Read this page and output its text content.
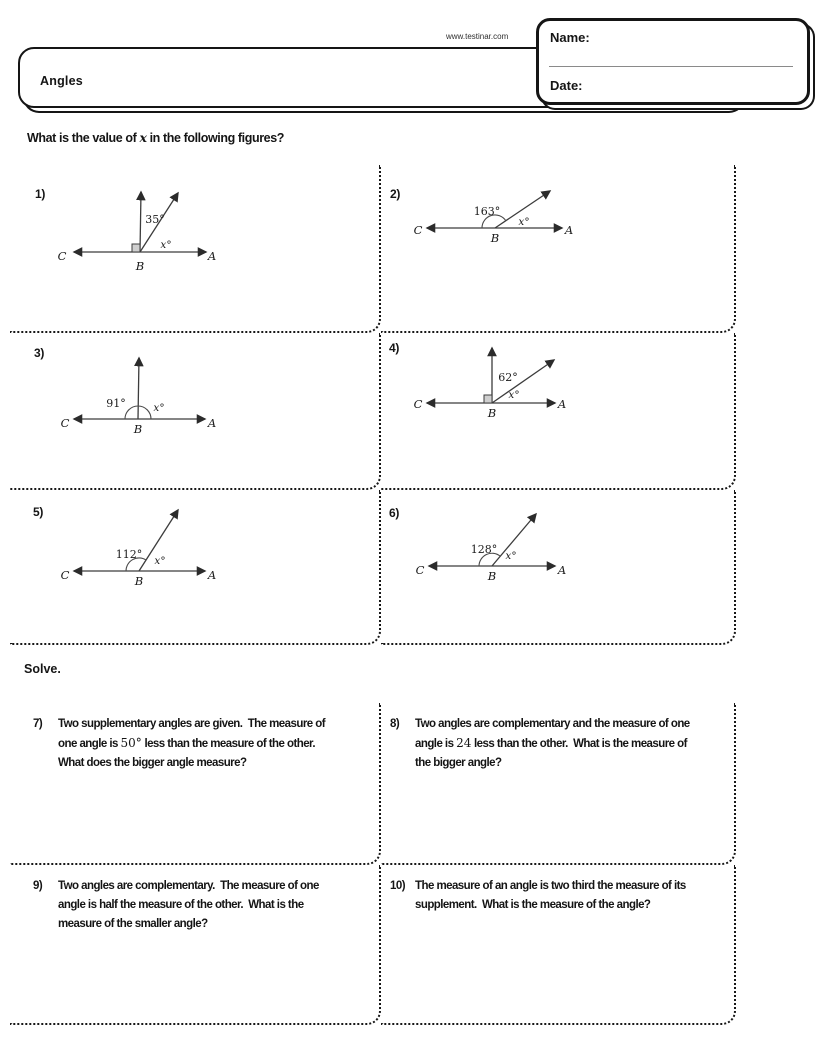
www.testinar.com
Angles
Name:
Date:
What is the value of x in the following figures?
1)
35°
x°
B
C	A
2)
163°
x°
B
C	A
3)
91°	x°
B
C	A
4)
62°
x°
B
C	A
5)
112° x°
B
C	A
6)
128° x°
B
C	A
Solve.
7)	Two supplementary angles are given.  The measure of
one angle is 50° less than the measure of the other.
What does the bigger angle measure?
8)	Two angles are complementary and the measure of one
angle is 24 less than the other.  What is the measure of
the bigger angle?
9)	Two angles are complementary.  The measure of one
angle is half the measure of the other.  What is the
measure of the smaller angle?
10) The measure of an angle is two third the measure of its
supplement.  What is the measure of the angle?
